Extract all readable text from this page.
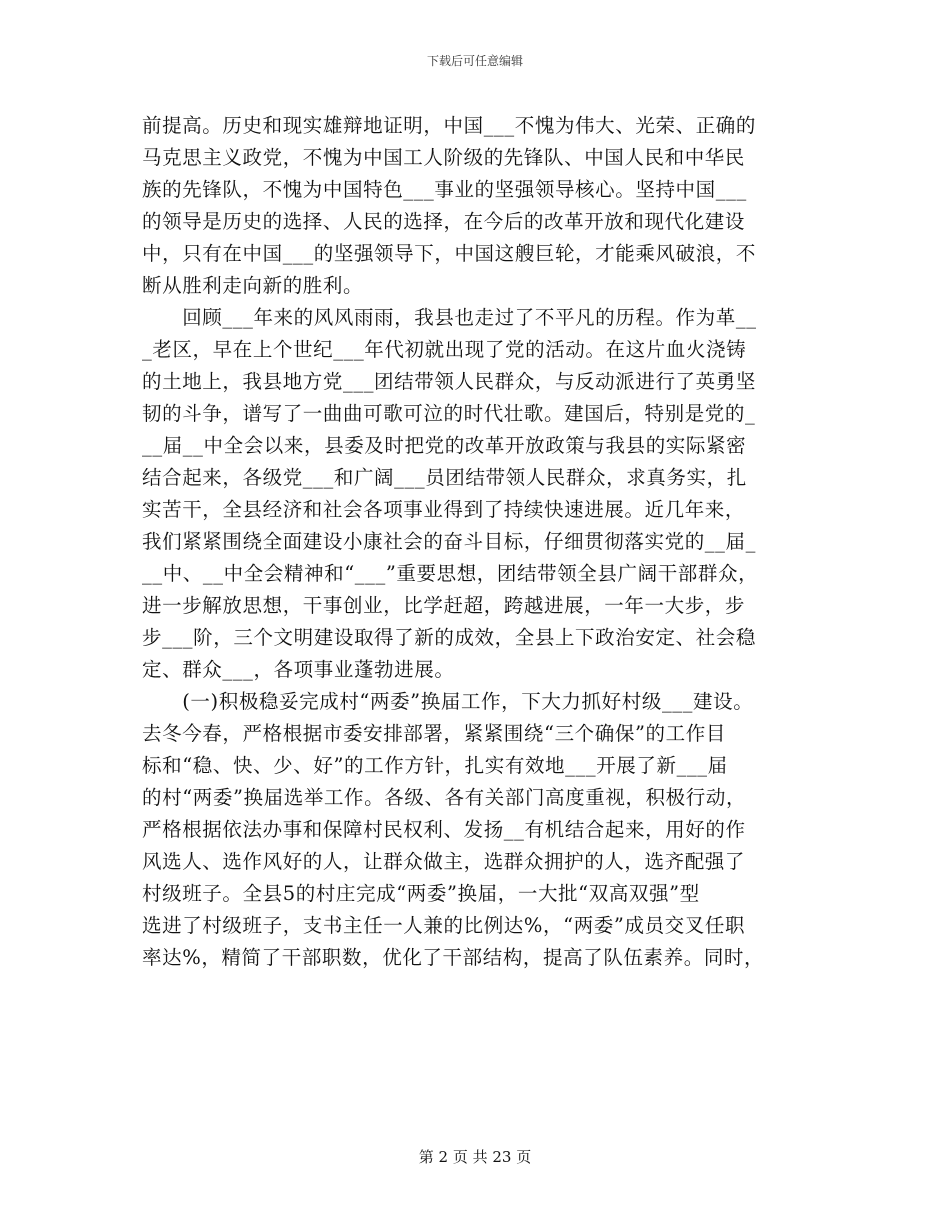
下载后可任意编辑
前提高。历史和现实雄辩地证明，中国___不愧为伟大、光荣、正确的
马克思主义政党，不愧为中国工人阶级的先锋队、中国人民和中华民
族的先锋队，不愧为中国特色___事业的坚强领导核心。坚持中国___
的领导是历史的选择、人民的选择，在今后的改革开放和现代化建设
中，只有在中国___的坚强领导下，中国这艘巨轮，才能乘风破浪，不
断从胜利走向新的胜利。
　　回顾___年来的风风雨雨，我县也走过了不平凡的历程。作为革__
_老区，早在上个世纪___年代初就出现了党的活动。在这片血火浇铸
的土地上，我县地方党___团结带领人民群众，与反动派进行了英勇坚
韧的斗争，谱写了一曲曲可歌可泣的时代壮歌。建国后，特别是党的_
__届__中全会以来，县委及时把党的改革开放政策与我县的实际紧密
结合起来，各级党___和广阔___员团结带领人民群众，求真务实，扎
实苦干，全县经济和社会各项事业得到了持续快速进展。近几年来，
我们紧紧围绕全面建设小康社会的奋斗目标，仔细贯彻落实党的__届_
__中、__中全会精神和“___”重要思想，团结带领全县广阔干部群众，
进一步解放思想，干事创业，比学赶超，跨越进展，一年一大步，步
步___阶，三个文明建设取得了新的成效，全县上下政治安定、社会稳
定、群众___，各项事业蓬勃进展。
　　(一)积极稳妥完成村“两委”换届工作，下大力抓好村级___建设。
去冬今春，严格根据市委安排部署，紧紧围绕“三个确保”的工作目
标和“稳、快、少、好”的工作方针，扎实有效地___开展了新___届
的村“两委”换届选举工作。各级、各有关部门高度重视，积极行动，
严格根据依法办事和保障村民权利、发扬__有机结合起来，用好的作
风选人、选作风好的人，让群众做主，选群众拥护的人，选齐配强了
村级班子。全县5的村庄完成“两委”换届，一大批“双高双强”型
选进了村级班子，支书主任一人兼的比例达%，“两委”成员交叉任职
率达%，精简了干部职数，优化了干部结构，提高了队伍素养。同时，
第 2 页 共 23 页
